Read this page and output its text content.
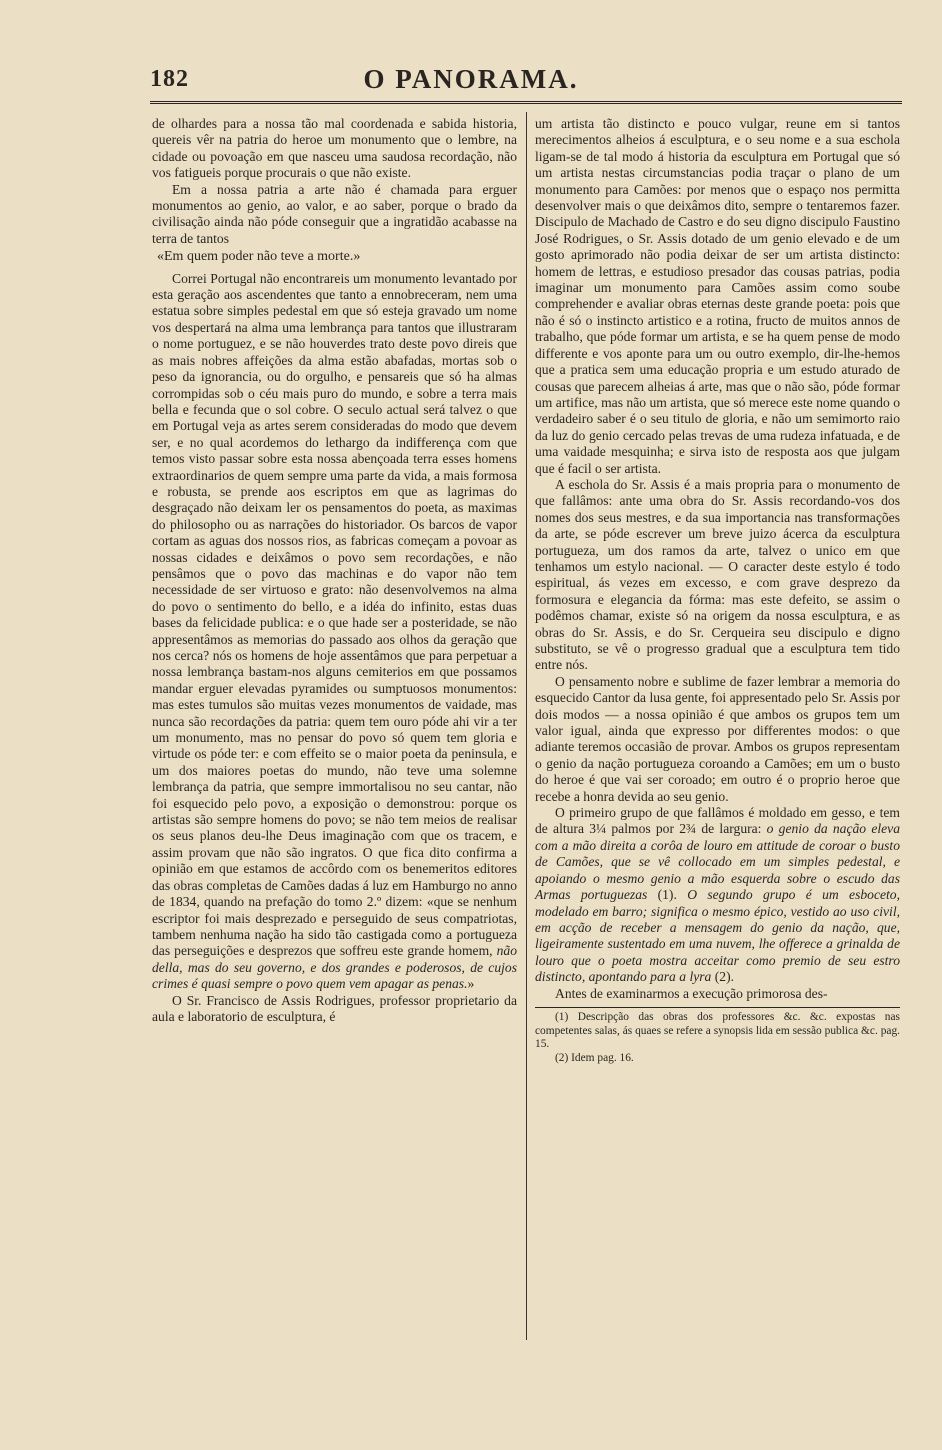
182	O PANORAMA.

de olhardes para a nossa tão mal coordenada e sabida historia, quereis vêr na patria do heroe um monumento que o lembre, na cidade ou povoação em que nasceu uma saudosa recordação, não vos fatigueis porque procurais o que não existe.

Em a nossa patria a arte não é chamada para erguer monumentos ao genio, ao valor, e ao saber, porque o brado da civilisação ainda não póde conseguir que a ingratidão acabasse na terra de tantos

«Em quem poder não teve a morte.»

Correi Portugal não encontrareis um monumento levantado por esta geração aos ascendentes que tanto a ennobreceram, nem uma estatua sobre simples pedestal em que só esteja gravado um nome vos despertará na alma uma lembrança para tantos que illustraram o nome portuguez, e se não houverdes trato deste povo direis que as mais nobres affeições da alma estão abafadas, mortas sob o peso da ignorancia, ou do orgulho, e pensareis que só ha almas corrompidas sob o céu mais puro do mundo, e sobre a terra mais bella e fecunda que o sol cobre. O seculo actual será talvez o que em Portugal veja as artes serem consideradas do modo que devem ser, e no qual acordemos do lethargo da indifferença com que temos visto passar sobre esta nossa abençoada terra esses homens extraordinarios de quem sempre uma parte da vida, a mais formosa e robusta, se prende aos escriptos em que as lagrimas do desgraçado não deixam ler os pensamentos do poeta, as maximas do philosopho ou as narrações do historiador. Os barcos de vapor cortam as aguas dos nossos rios, as fabricas começam a povoar as nossas cidades e deixâmos o povo sem recordações, e não pensâmos que o povo das machinas e do vapor não tem necessidade de ser virtuoso e grato: não desenvolvemos na alma do povo o sentimento do bello, e a idéa do infinito, estas duas bases da felicidade publica: e o que hade ser a posteridade, se não appresentâmos as memorias do passado aos olhos da geração que nos cerca? nós os homens de hoje assentâmos que para perpetuar a nossa lembrança bastam-nos alguns cemiterios em que possamos mandar erguer elevadas pyramides ou sumptuosos monumentos: mas estes tumulos são muitas vezes monumentos de vaidade, mas nunca são recordações da patria: quem tem ouro póde ahi vir a ter um monumento, mas no pensar do povo só quem tem gloria e virtude os póde ter: e com effeito se o maior poeta da peninsula, e um dos maiores poetas do mundo, não teve uma solemne lembrança da patria, que sempre immortalisou no seu cantar, não foi esquecido pelo povo, a exposição o demonstrou: porque os artistas são sempre homens do povo; se não tem meios de realisar os seus planos deu-lhe Deus imaginação com que os tracem, e assim provam que não são ingratos. O que fica dito confirma a opinião em que estamos de accôrdo com os benemeritos editores das obras completas de Camões dadas á luz em Hamburgo no anno de 1834, quando na prefação do tomo 2.º dizem: «que se nenhum escriptor foi mais desprezado e perseguido de seus compatriotas, tambem nenhuma nação ha sido tão castigada como a portugueza das perseguições e desprezos que soffreu este grande homem, não della, mas do seu governo, e dos grandes e poderosos, de cujos crimes é quasi sempre o povo quem vem apagar as penas.»

O Sr. Francisco de Assis Rodrigues, professor proprietario da aula e laboratorio de esculptura, é

um artista tão distincto e pouco vulgar, reune em si tantos merecimentos alheios á esculptura, e o seu nome e a sua eschola ligam-se de tal modo á historia da esculptura em Portugal que só um artista nestas circumstancias podia traçar o plano de um monumento para Camões: por menos que o espaço nos permitta desenvolver mais o que deixâmos dito, sempre o tentaremos fazer. Discipulo de Machado de Castro e do seu digno discipulo Faustino José Rodrigues, o Sr. Assis dotado de um genio elevado e de um gosto aprimorado não podia deixar de ser um artista distincto: homem de lettras, e estudioso presador das cousas patrias, podia imaginar um monumento para Camões assim como soube comprehender e avaliar obras eternas deste grande poeta: pois que não é só o instincto artistico e a rotina, fructo de muitos annos de trabalho, que póde formar um artista, e se ha quem pense de modo differente e vos aponte para um ou outro exemplo, dir-lhe-hemos que a pratica sem uma educação propria e um estudo aturado de cousas que parecem alheias á arte, mas que o não são, póde formar um artifice, mas não um artista, que só merece este nome quando o verdadeiro saber é o seu titulo de gloria, e não um semimorto raio da luz do genio cercado pelas trevas de uma rudeza infatuada, e de uma vaidade mesquinha; e sirva isto de resposta aos que julgam que é facil o ser artista.

A eschola do Sr. Assis é a mais propria para o monumento de que fallâmos: ante uma obra do Sr. Assis recordando-vos dos nomes dos seus mestres, e da sua importancia nas transformações da arte, se póde escrever um breve juizo ácerca da esculptura portugueza, um dos ramos da arte, talvez o unico em que tenhamos um estylo nacional. — O caracter deste estylo é todo espiritual, ás vezes em excesso, e com grave desprezo da formosura e elegancia da fórma: mas este defeito, se assim o podêmos chamar, existe só na origem da nossa esculptura, e as obras do Sr. Assis, e do Sr. Cerqueira seu discipulo e digno substituto, se vê o progresso gradual que a esculptura tem tido entre nós.

O pensamento nobre e sublime de fazer lembrar a memoria do esquecido Cantor da lusa gente, foi appresentado pelo Sr. Assis por dois modos — a nossa opinião é que ambos os grupos tem um valor igual, ainda que expresso por differentes modos: o que adiante teremos occasião de provar. Ambos os grupos representam o genio da nação portugueza coroando a Camões; em um o busto do heroe é que vai ser coroado; em outro é o proprio heroe que recebe a honra devida ao seu genio.

O primeiro grupo de que fallâmos é moldado em gesso, e tem de altura 3¼ palmos por 2¾ de largura: o genio da nação eleva com a mão direita a corôa de louro em attitude de coroar o busto de Camões, que se vê collocado em um simples pedestal, e apoiando o mesmo genio a mão esquerda sobre o escudo das Armas portuguezas (1). O segundo grupo é um esboceto, modelado em barro; significa o mesmo épico, vestido ao uso civil, em acção de receber a mensagem do genio da nação, que, ligeiramente sustentado em uma nuvem, lhe offerece a grinalda de louro que o poeta mostra acceitar como premio de seu estro distincto, apontando para a lyra (2).

Antes de examinarmos a execução primorosa des-

(1) Descripção das obras dos professores &c. &c. expostas nas competentes salas, ás quaes se refere a synopsis lida em sessão publica &c. pag. 15.

(2) Idem pag. 16.
